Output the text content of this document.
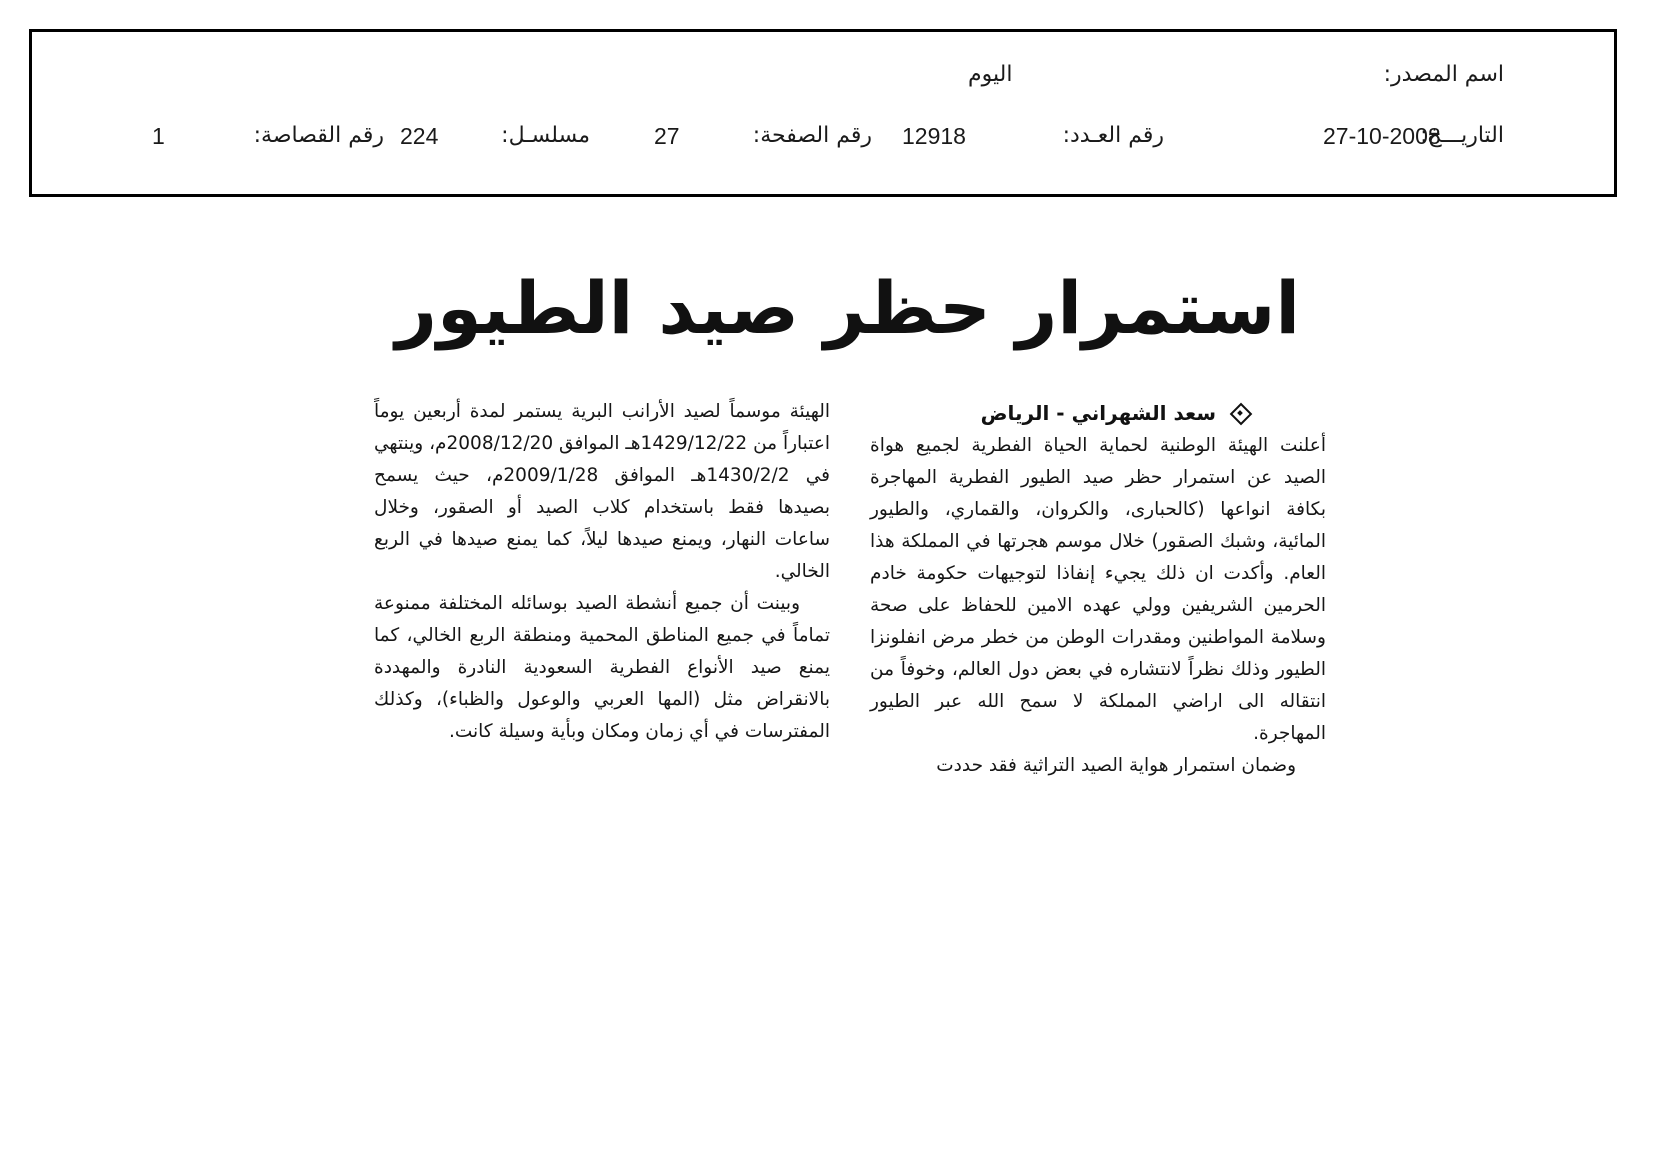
اسم المصدر:
اليوم
التاريـــخ:
27-10-2008
رقم العـدد:
12918
رقم الصفحة:
27
مسلسـل:
224
رقم القصاصة:
1
استمرار حظر صيد الطيور
سعد الشهراني - الرياض

أعلنت الهيئة الوطنية لحماية الحياة الفطرية لجميع هواة الصيد عن استمرار حظر صيد الطيور الفطرية المهاجرة بكافة انواعها (كالحبارى، والكروان، والقماري، والطيور المائية، وشبك الصقور) خلال موسم هجرتها في المملكة هذا العام. وأكدت ان ذلك يجيء إنفاذا لتوجيهات حكومة خادم الحرمين الشريفين وولي عهده الامين للحفاظ على صحة وسلامة المواطنين ومقدرات الوطن من خطر مرض انفلونزا الطيور وذلك نظراً لانتشاره في بعض دول العالم، وخوفاً من انتقاله الى اراضي المملكة لا سمح الله عبر الطيور المهاجرة.

وضمان استمرار هواية الصيد التراثية فقد حددت

الهيئة موسماً لصيد الأرانب البرية يستمر لمدة أربعين يوماً اعتباراً من 1429/12/22هـ الموافق 2008/12/20م، وينتهي في 1430/2/2هـ الموافق 2009/1/28م، حيث يسمح بصيدها فقط باستخدام كلاب الصيد أو الصقور، وخلال ساعات النهار، ويمنع صيدها ليلاً، كما يمنع صيدها في الربع الخالي.

وبينت أن جميع أنشطة الصيد بوسائله المختلفة ممنوعة تماماً في جميع المناطق المحمية ومنطقة الربع الخالي، كما يمنع صيد الأنواع الفطرية السعودية النادرة والمهددة بالانقراض مثل (المها العربي والوعول والظباء)، وكذلك المفترسات في أي زمان ومكان وبأية وسيلة كانت.
